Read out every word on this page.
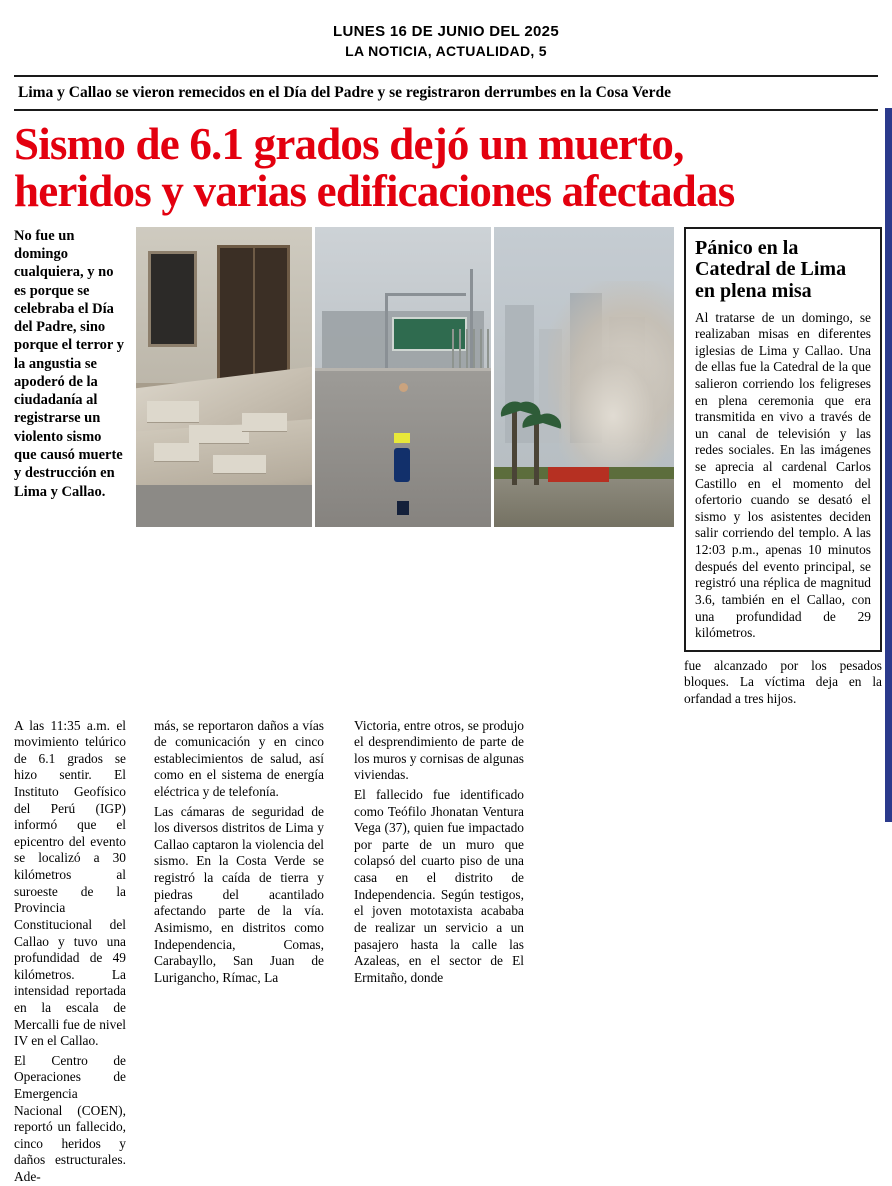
LUNES 16 DE JUNIO DEL 2025
LA NOTICIA, ACTUALIDAD, 5
Lima y Callao se vieron remecidos en el Día del Padre y se registraron derrumbes en la Cosa Verde
Sismo de 6.1 grados dejó un muerto,
heridos y varias edificaciones afectadas
No fue un domingo cualquiera, y no es porque se celebraba el Día del Padre, sino porque el terror y la angustia se apoderó de la ciudadanía al registrarse un violento sismo que causó muerte y destrucción en Lima y Callao.
Pánico en la Catedral de Lima en plena misa

Al tratarse de un domingo, se realizaban misas en diferentes iglesias de Lima y Callao. Una de ellas fue la Catedral de la que salieron corriendo los feligreses en plena ceremonia que era transmitida en vivo a través de un canal de televisión y las redes sociales. En las imágenes se aprecia al cardenal Carlos Castillo en el momento del ofertorio cuando se desató el sismo y los asistentes deciden salir corriendo del templo. A las 12:03 p.m., apenas 10 minutos después del evento principal, se registró una réplica de magnitud 3.6, también en el Callao, con una profundidad de 29 kilómetros.

fue alcanzado por los pesados bloques. La víctima deja en la orfandad a tres hijos.

A las 11:35 a.m. el movimiento telúrico de 6.1 grados se hizo sentir. El Instituto Geofísico del Perú (IGP) informó que el epicentro del evento se localizó a 30 kilómetros al suroeste de la Provincia Constitucional del Callao y tuvo una profundidad de 49 kilómetros. La intensidad reportada en la escala de Mercalli fue de nivel IV en el Callao.

El Centro de Operaciones de Emergencia Nacional (COEN), reportó un fallecido, cinco heridos y daños estructurales. Ade-

más, se reportaron daños a vías de comunicación y en cinco establecimientos de salud, así como en el sistema de energía eléctrica y de telefonía.

Las cámaras de seguridad de los diversos distritos de Lima y Callao captaron la violencia del sismo. En la Costa Verde se registró la caída de tierra y piedras del acantilado afectando parte de la vía. Asimismo, en distritos como Independencia, Comas, Carabayllo, San Juan de Lurigancho, Rímac, La

Victoria, entre otros, se produjo el desprendimiento de parte de los muros y cornisas de algunas viviendas.

El fallecido fue identificado como Teófilo Jhonatan Ventura Vega (37), quien fue impactado por parte de un muro que colapsó del cuarto piso de una casa en el distrito de Independencia. Según testigos, el joven mototaxista acababa de realizar un servicio a un pasajero hasta la calle las Azaleas, en el sector de El Ermitaño, donde
